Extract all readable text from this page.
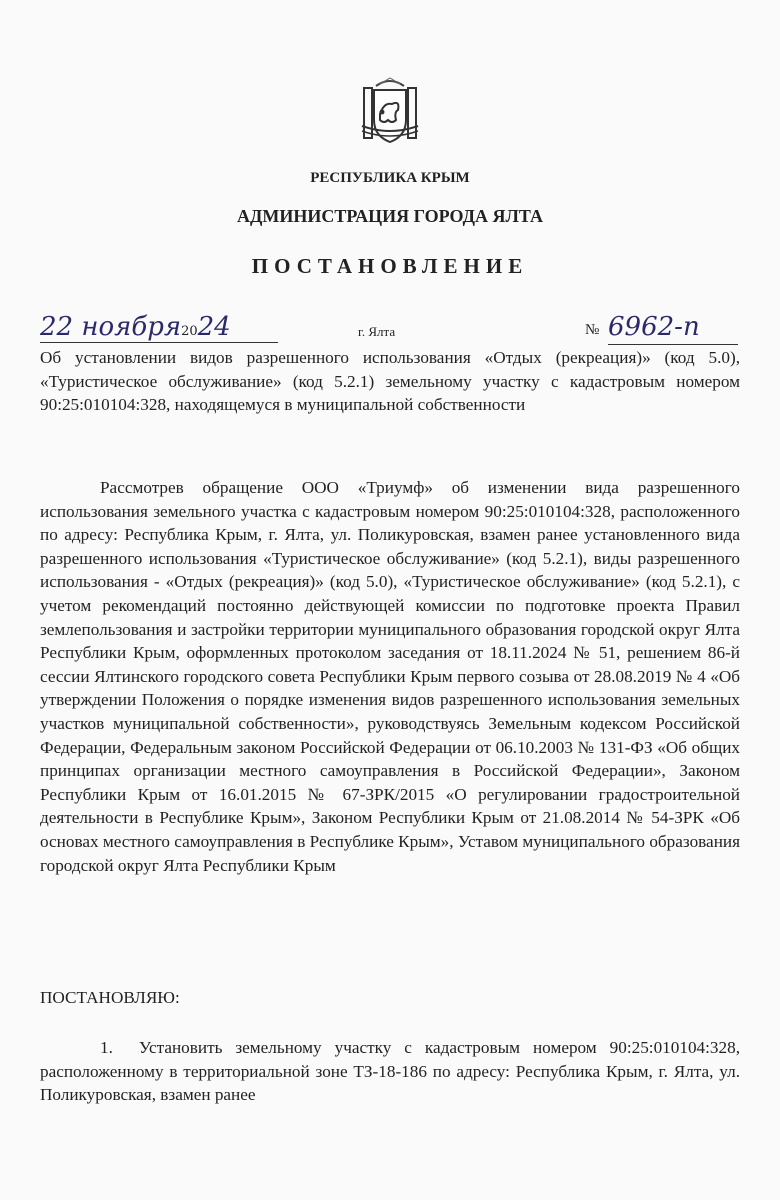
РЕСПУБЛИКА КРЫМ
АДМИНИСТРАЦИЯ ГОРОДА ЯЛТА
ПОСТАНОВЛЕНИЕ
22 ноября2024	г. Ялта	№ 6962-п
Об установлении видов разрешенного использования «Отдых (рекреация)» (код 5.0), «Туристическое обслуживание» (код 5.2.1) земельному участку с кадастровым номером 90:25:010104:328, находящемуся в муниципальной собственности
Рассмотрев обращение ООО «Триумф» об изменении вида разрешенного использования земельного участка с кадастровым номером 90:25:010104:328, расположенного по адресу: Республика Крым, г. Ялта, ул. Поликуровская, взамен ранее установленного вида разрешенного использования «Туристическое обслуживание» (код 5.2.1), виды разрешенного использования - «Отдых (рекреация)» (код 5.0), «Туристическое обслуживание» (код 5.2.1), с учетом рекомендаций постоянно действующей комиссии по подготовке проекта Правил землепользования и застройки территории муниципального образования городской округ Ялта Республики Крым, оформленных протоколом заседания от 18.11.2024 № 51, решением 86-й сессии Ялтинского городского совета Республики Крым первого созыва от 28.08.2019 № 4 «Об утверждении Положения о порядке изменения видов разрешенного использования земельных участков муниципальной собственности», руководствуясь Земельным кодексом Российской Федерации, Федеральным законом Российской Федерации от 06.10.2003 № 131-ФЗ «Об общих принципах организации местного самоуправления в Российской Федерации», Законом Республики Крым от 16.01.2015 № 67-ЗРК/2015 «О регулировании градостроительной деятельности в Республике Крым», Законом Республики Крым от 21.08.2014 № 54-ЗРК «Об основах местного самоуправления в Республике Крым», Уставом муниципального образования городской округ Ялта Республики Крым
ПОСТАНОВЛЯЮ:
1. Установить земельному участку с кадастровым номером 90:25:010104:328, расположенному в территориальной зоне ТЗ-18-186 по адресу: Республика Крым, г. Ялта, ул. Поликуровская, взамен ранее
